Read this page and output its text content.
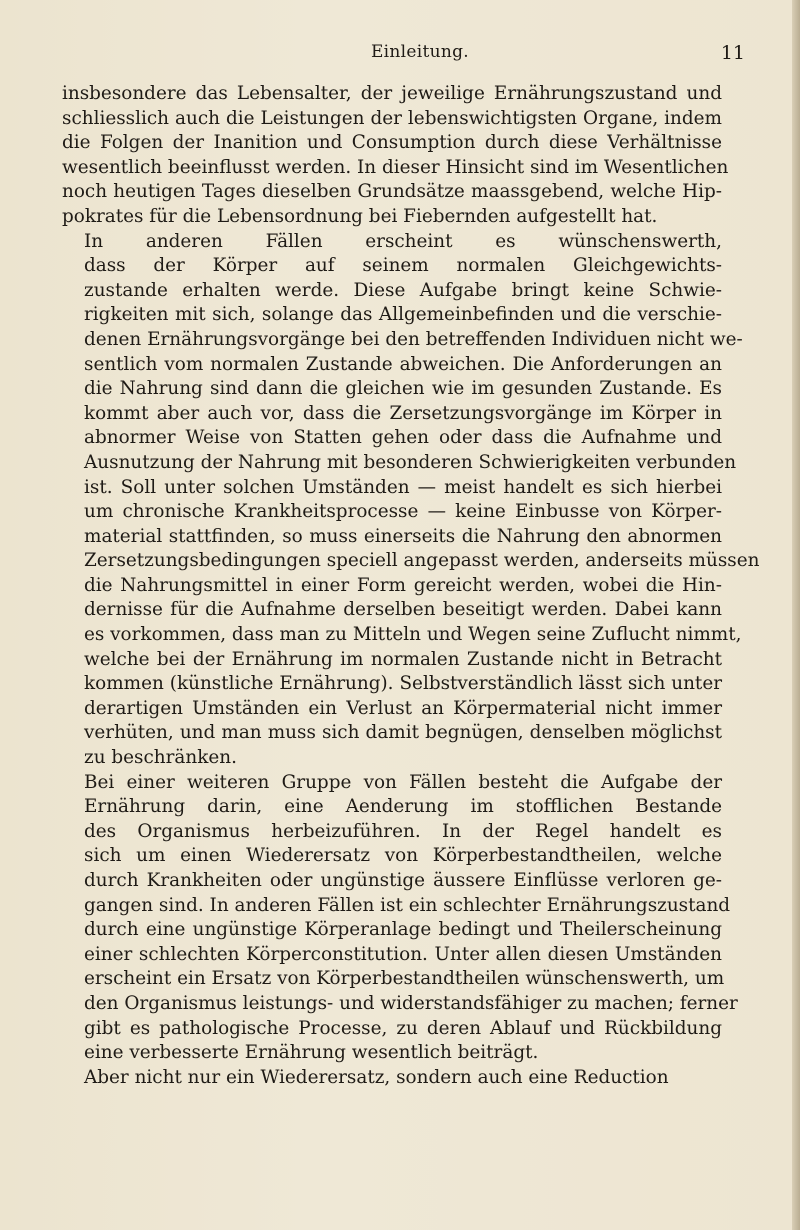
Einleitung.	11

insbesondere das Lebensalter, der jeweilige Ernährungszustand und
schliesslich auch die Leistungen der lebenswichtigsten Organe, indem
die Folgen der Inanition und Consumption durch diese Verhältnisse
wesentlich beeinflusst werden. In dieser Hinsicht sind im Wesentlichen
noch heutigen Tages dieselben Grundsätze maassgebend, welche Hip-
pokrates für die Lebensordnung bei Fiebernden aufgestellt hat.

In anderen Fällen erscheint es wünschenswerth,
dass der Körper auf seinem normalen Gleichgewichts-
zustande erhalten werde. Diese Aufgabe bringt keine Schwie-
rigkeiten mit sich, solange das Allgemeinbefinden und die verschie-
denen Ernährungsvorgänge bei den betreffenden Individuen nicht we-
sentlich vom normalen Zustande abweichen. Die Anforderungen an
die Nahrung sind dann die gleichen wie im gesunden Zustande. Es
kommt aber auch vor, dass die Zersetzungsvorgänge im Körper in
abnormer Weise von Statten gehen oder dass die Aufnahme und
Ausnutzung der Nahrung mit besonderen Schwierigkeiten verbunden
ist. Soll unter solchen Umständen — meist handelt es sich hierbei
um chronische Krankheitsprocesse — keine Einbusse von Körper-
material stattfinden, so muss einerseits die Nahrung den abnormen
Zersetzungsbedingungen speciell angepasst werden, anderseits müssen
die Nahrungsmittel in einer Form gereicht werden, wobei die Hin-
dernisse für die Aufnahme derselben beseitigt werden. Dabei kann
es vorkommen, dass man zu Mitteln und Wegen seine Zuflucht nimmt,
welche bei der Ernährung im normalen Zustande nicht in Betracht
kommen (künstliche Ernährung). Selbstverständlich lässt sich unter
derartigen Umständen ein Verlust an Körpermaterial nicht immer
verhüten, und man muss sich damit begnügen, denselben möglichst
zu beschränken.

Bei einer weiteren Gruppe von Fällen besteht die Aufgabe der
Ernährung darin, eine Aenderung im stofflichen Bestande
des Organismus herbeizuführen. In der Regel handelt es
sich um einen Wiederersatz von Körperbestandtheilen, welche
durch Krankheiten oder ungünstige äussere Einflüsse verloren ge-
gangen sind. In anderen Fällen ist ein schlechter Ernährungszustand
durch eine ungünstige Körperanlage bedingt und Theilerscheinung
einer schlechten Körperconstitution. Unter allen diesen Umständen
erscheint ein Ersatz von Körperbestandtheilen wünschenswerth, um
den Organismus leistungs- und widerstandsfähiger zu machen; ferner
gibt es pathologische Processe, zu deren Ablauf und Rückbildung
eine verbesserte Ernährung wesentlich beiträgt.

Aber nicht nur ein Wiederersatz, sondern auch eine Reduction
